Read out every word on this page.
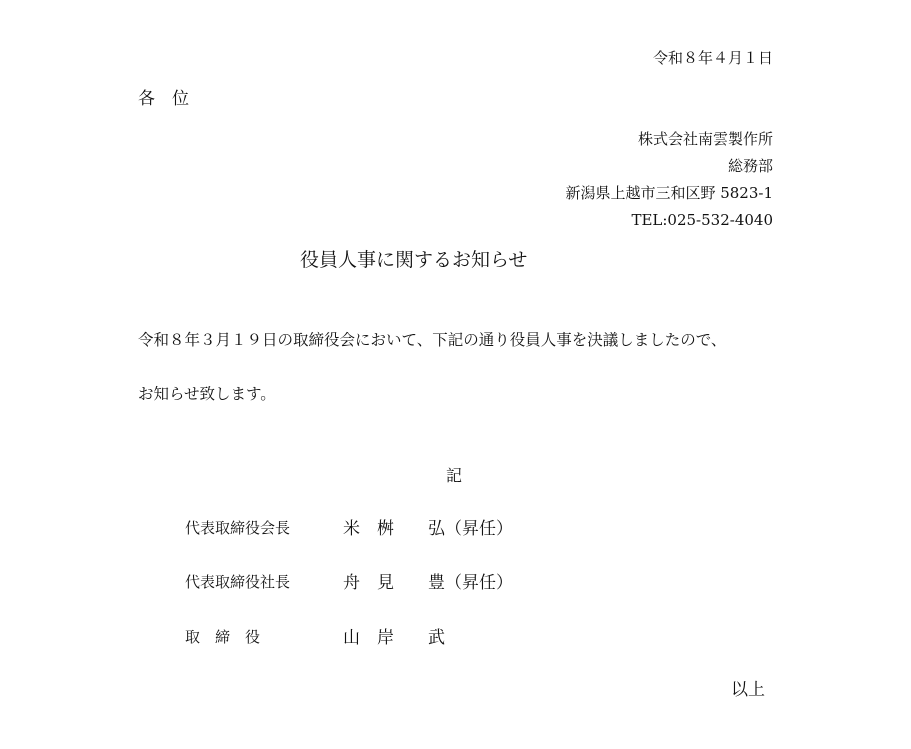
令和８年４月１日
各　位
株式会社南雲製作所
総務部
新潟県上越市三和区野 5823-1
TEL:025-532-4040
役員人事に関するお知らせ
令和８年３月１９日の取締役会において、下記の通り役員人事を決議しましたので、
お知らせ致します。
記
代表取締役会長	米　桝　　弘（昇任）
代表取締役社長	舟　見　　豊（昇任）
取　締　役	山　岸　　武
以上
